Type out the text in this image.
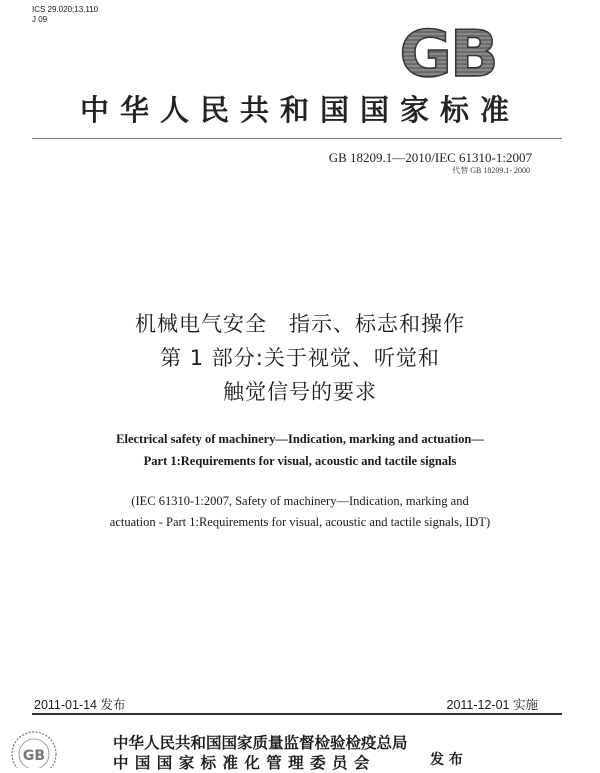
ICS 29.020;13.110
J 09	GB
中华人民共和国国家标准
GB 18209.1—2010/IEC 61310-1:2007
代替 GB 18209.1- 2000
机械电气安全　指示、标志和操作
第 1 部分:关于视觉、听觉和
触觉信号的要求
Electrical safety of machinery—Indication, marking and actuation—
Part 1:Requirements for visual, acoustic and tactile signals
(IEC 61310-1:2007, Safety of machinery—Indication, marking and
actuation - Part 1:Requirements for visual, acoustic and tactile signals, IDT)
2011-01-14 发布	2011-12-01 实施
GB
中华人民共和国国家质量监督检验检疫总局
中 国 国 家 标 准 化 管 理 委 员 会	发 布
